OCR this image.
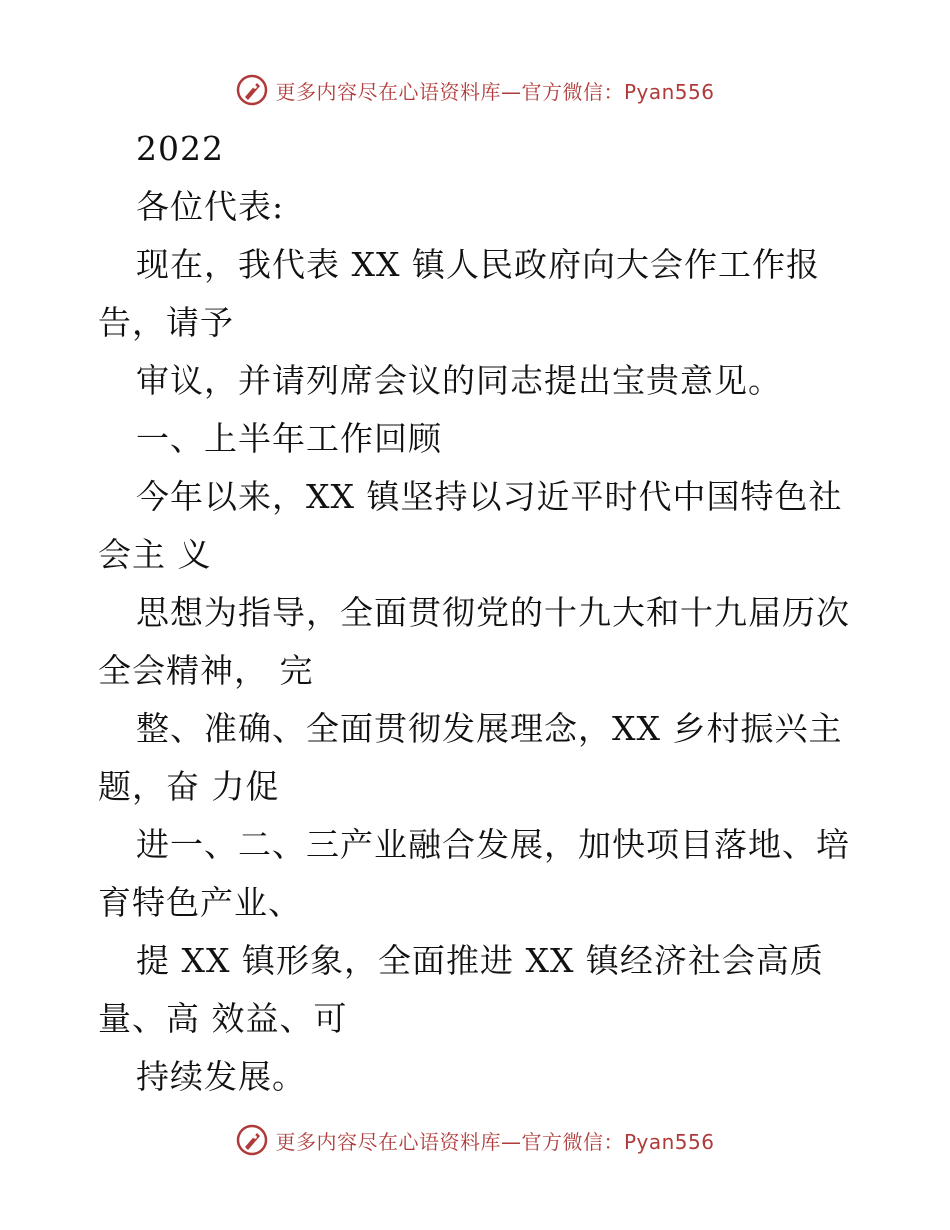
更多内容尽在心语资料库—官方微信：Pyan556
2022
各位代表:
现在，我代表 XX 镇人民政府向大会作工作报
告，请予
审议，并请列席会议的同志提出宝贵意见。
一、上半年工作回顾
今年以来，XX 镇坚持以习近平时代中国特色社
会主 义
思想为指导，全面贯彻党的十九大和十九届历次
全会精神， 完
整、准确、全面贯彻发展理念，XX 乡村振兴主
题，奋 力促
进一、二、三产业融合发展，加快项目落地、培
育特色产业、
提 XX 镇形象，全面推进 XX 镇经济社会高质
量、高 效益、可
持续发展。
更多内容尽在心语资料库—官方微信：Pyan556
